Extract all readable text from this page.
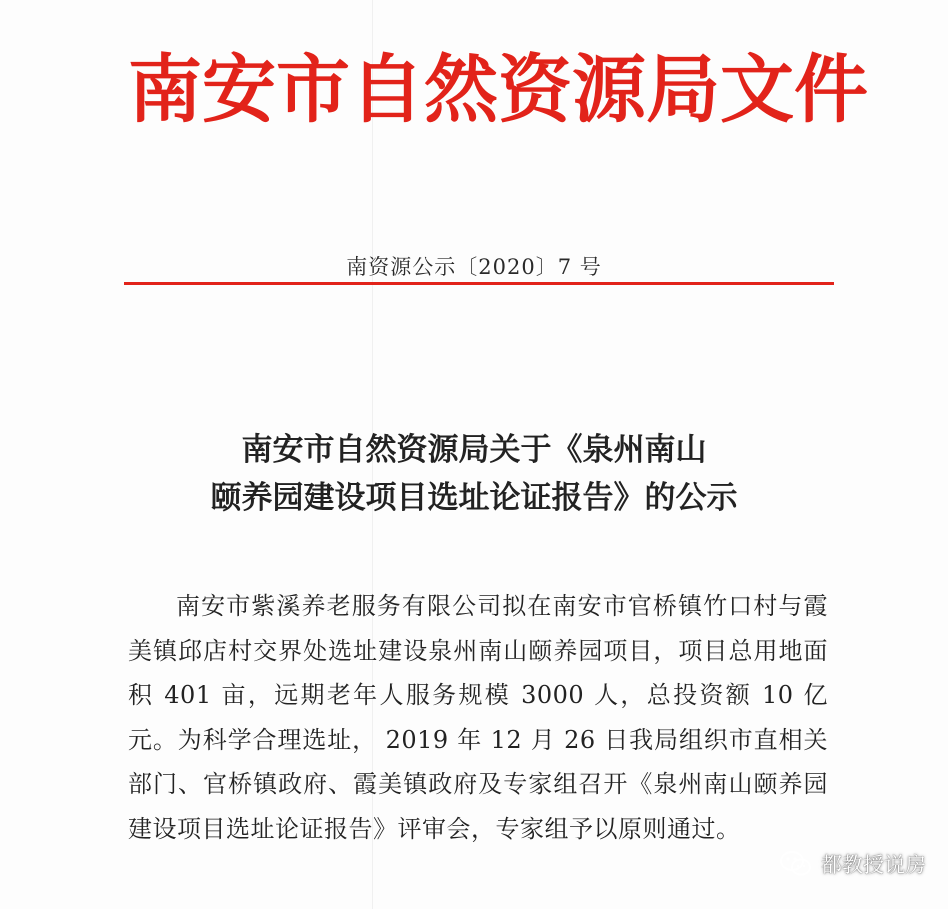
南安市自然资源局文件
南资源公示〔2020〕7 号
南安市自然资源局关于《泉州南山
颐养园建设项目选址论证报告》的公示

南安市紫溪养老服务有限公司拟在南安市官桥镇竹口村与霞美镇邱店村交界处选址建设泉州南山颐养园项目，项目总用地面积 401 亩，远期老年人服务规模 3000 人，总投资额 10 亿元。为科学合理选址， 2019 年 12 月 26 日我局组织市直相关部门、官桥镇政府、霞美镇政府及专家组召开《泉州南山颐养园建设项目选址论证报告》评审会，专家组予以原则通过。

都教授说房
